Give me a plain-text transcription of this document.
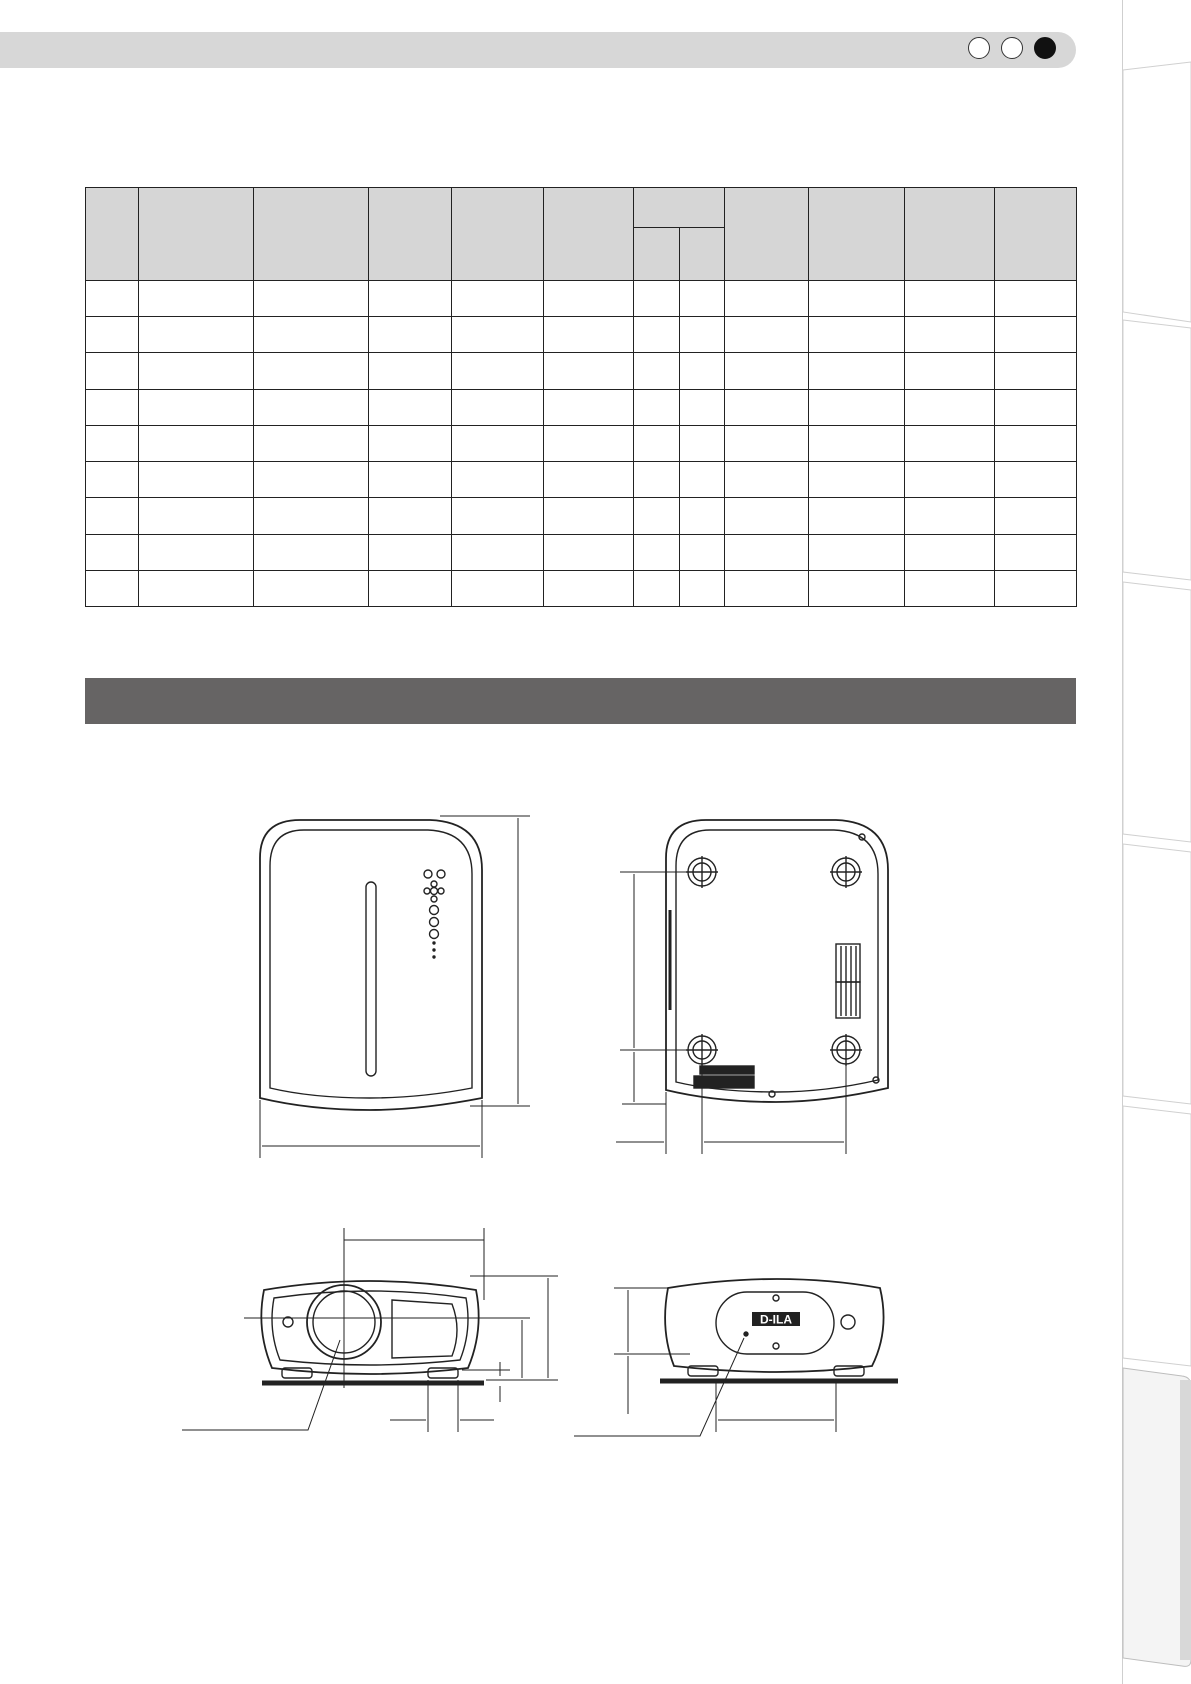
D-ILA
